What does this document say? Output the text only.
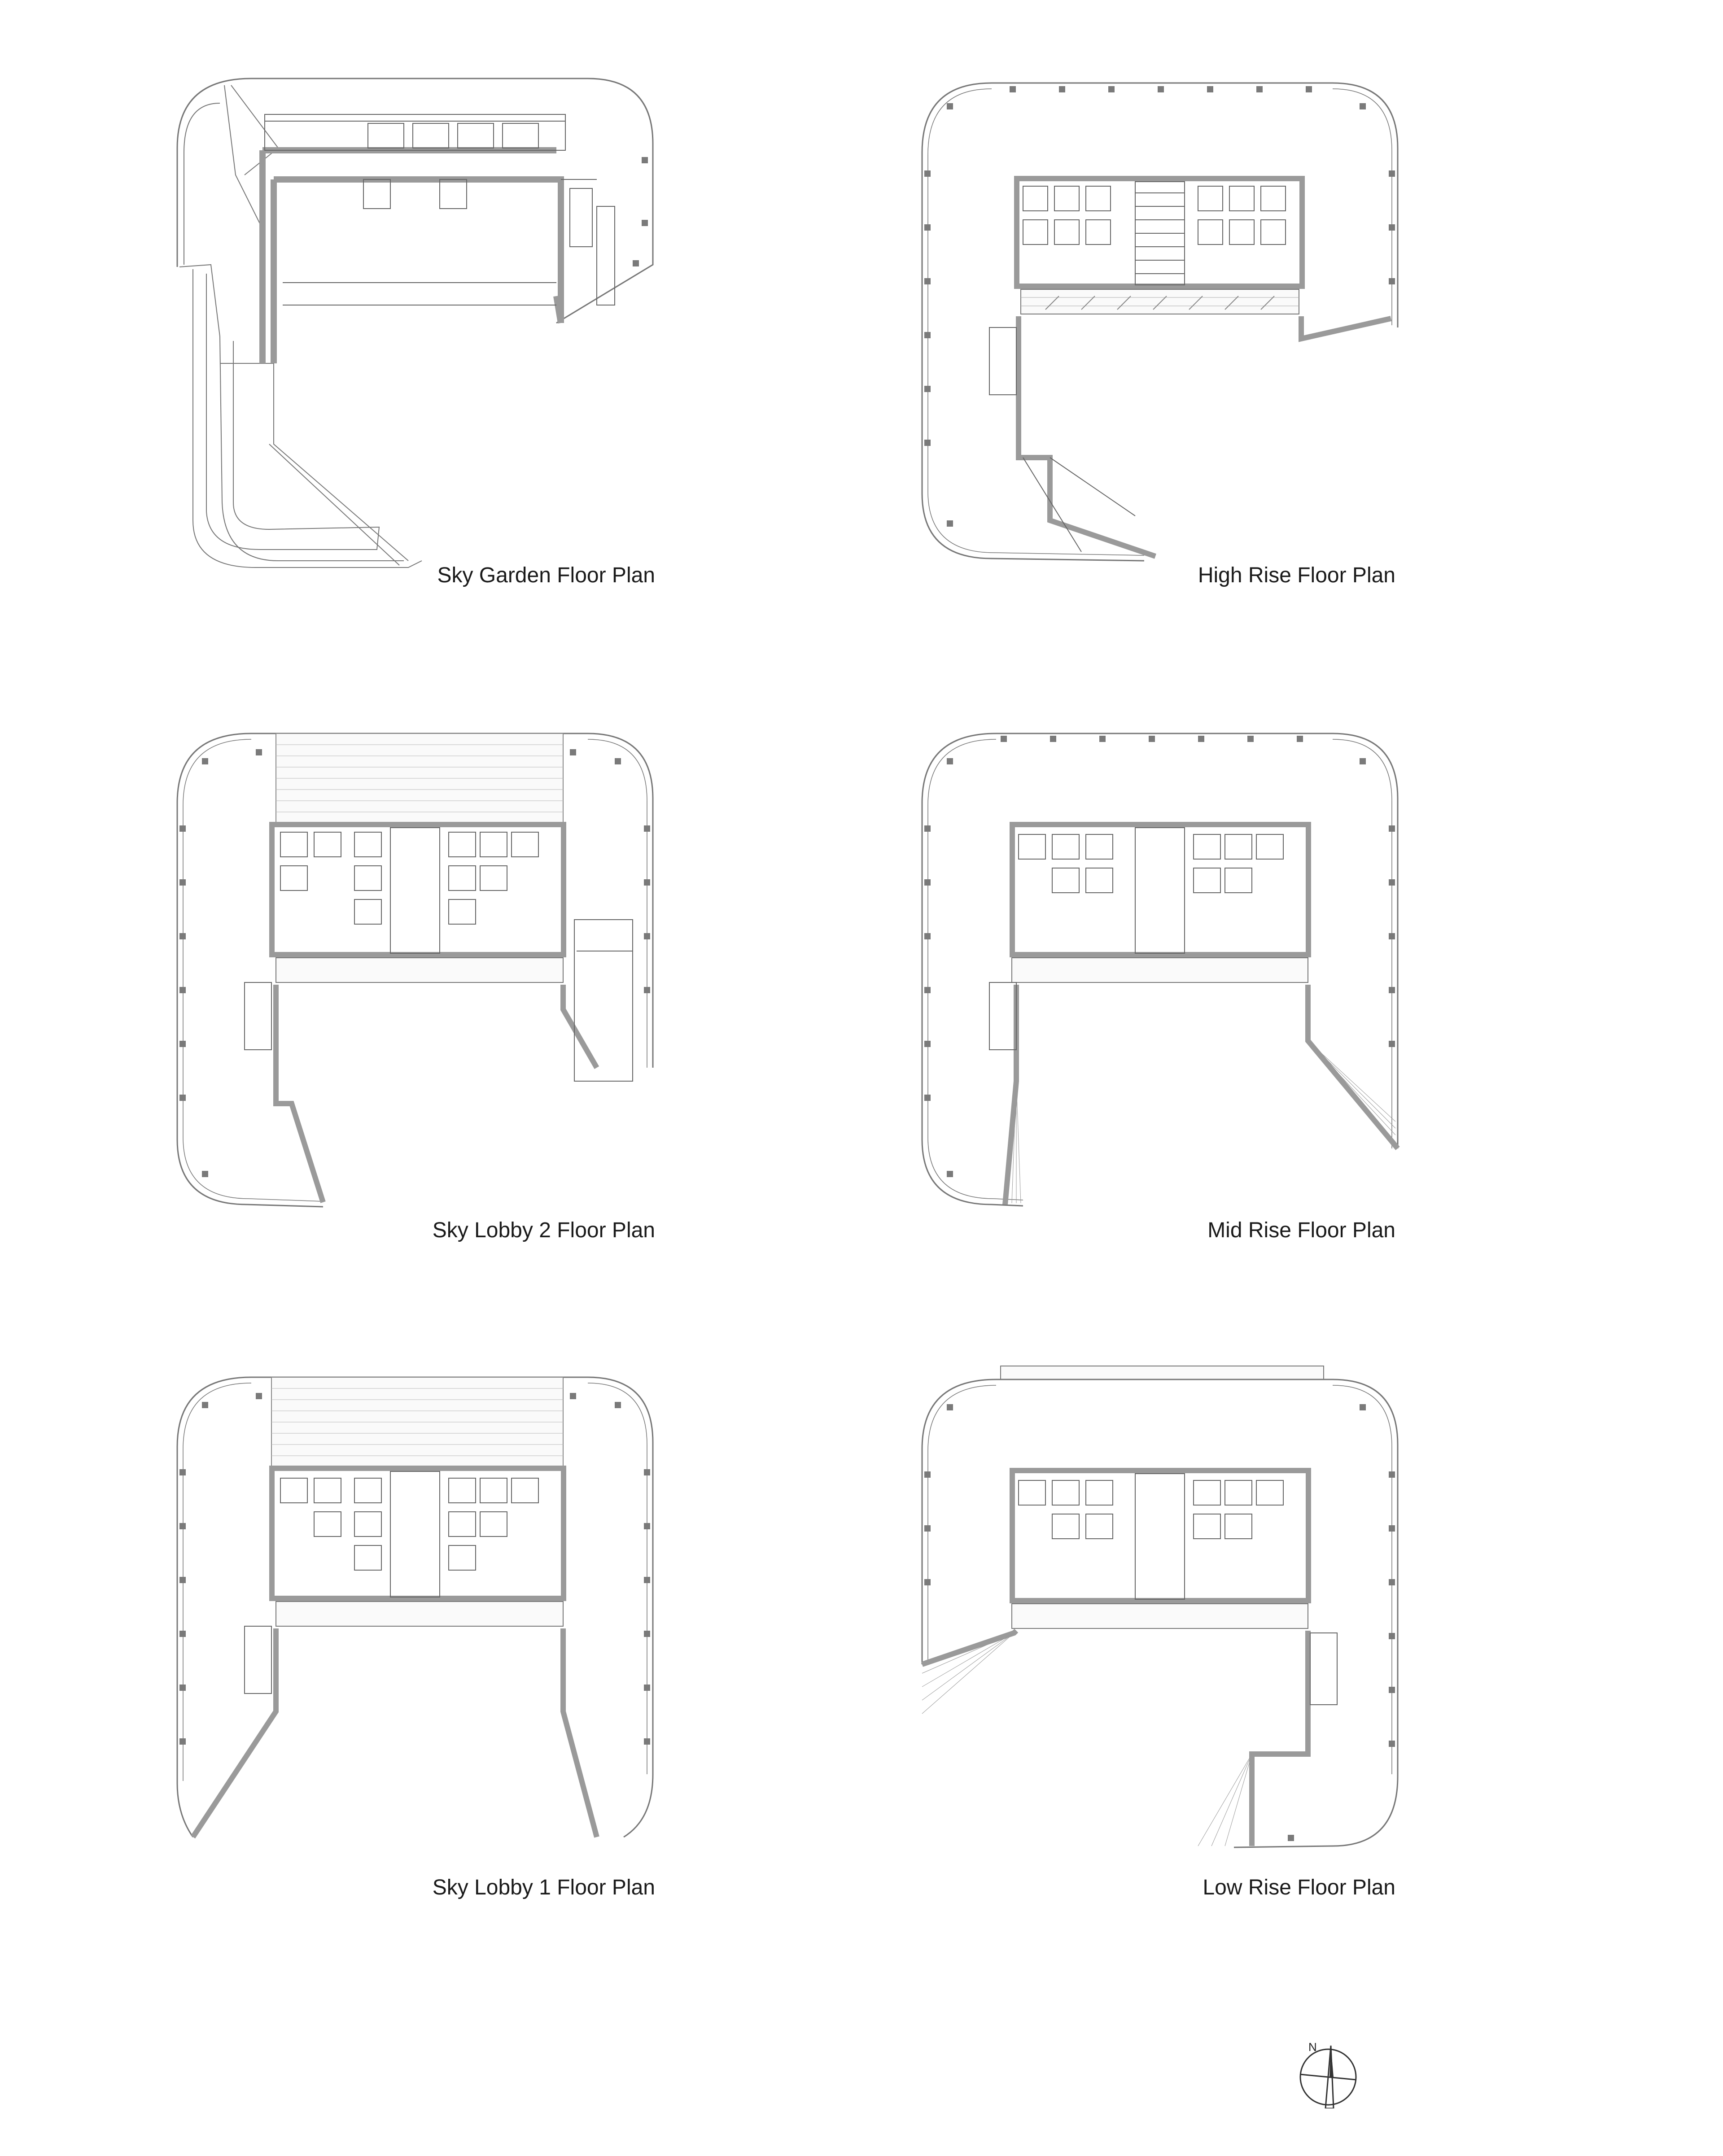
Sky Garden Floor Plan	High Rise Floor Plan
Sky Lobby 2 Floor Plan	Mid Rise Floor Plan
Sky Lobby 1 Floor Plan	Low Rise Floor Plan
N
